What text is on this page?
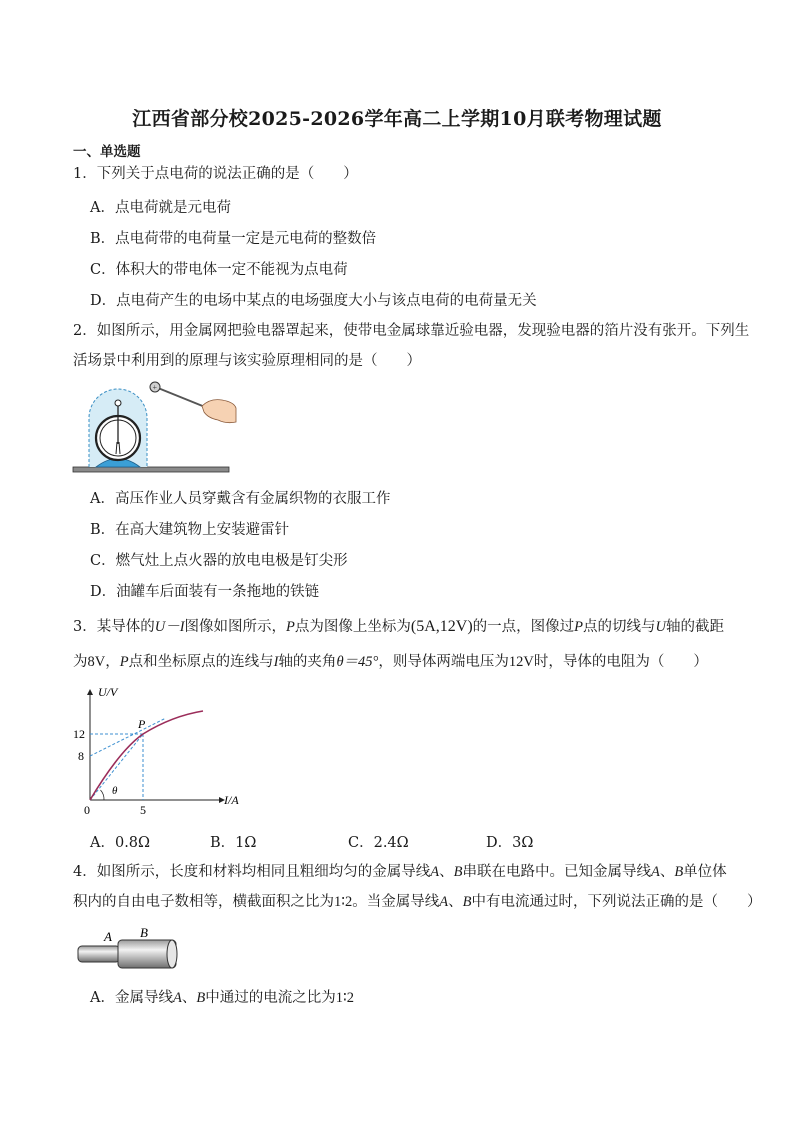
江西省部分校2025-2026学年高二上学期10月联考物理试题
一、单选题
1．下列关于点电荷的说法正确的是（　　）
A．点电荷就是元电荷
B．点电荷带的电荷量一定是元电荷的整数倍
C．体积大的带电体一定不能视为点电荷
D．点电荷产生的电场中某点的电场强度大小与该点电荷的电荷量无关
2．如图所示，用金属网把验电器罩起来，使带电金属球靠近验电器，发现验电器的箔片没有张开。下列生
活场景中利用到的原理与该实验原理相同的是（　　）
+
A．高压作业人员穿戴含有金属织物的衣服工作
B．在高大建筑物上安装避雷针
C．燃气灶上点火器的放电电极是钉尖形
D．油罐车后面装有一条拖地的铁链
3．某导体的U－I图像如图所示，P点为图像上坐标为(5A,12V)的一点，图像过P点的切线与U轴的截距
为8V，P点和坐标原点的连线与I轴的夹角θ＝45°，则导体两端电压为12V时，导体的电阻为（　　）
U/V
I/A
12
8
5
0
P
θ
A．0.8Ω	B．1Ω	C．2.4Ω	D．3Ω
4．如图所示，长度和材料均相同且粗细均匀的金属导线A、B串联在电路中。已知金属导线A、B单位体
积内的自由电子数相等，横截面积之比为1∶2。当金属导线A、B中有电流通过时，下列说法正确的是（　　）
A B
A．金属导线A、B中通过的电流之比为1∶2
